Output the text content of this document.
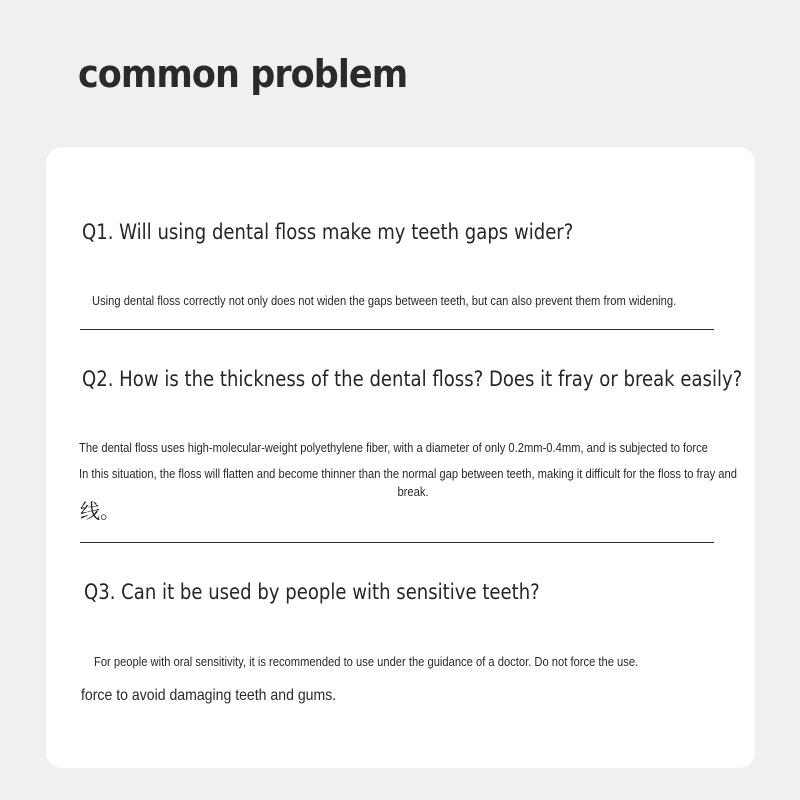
common problem
Q1. Will using dental floss make my teeth gaps wider?

Using dental floss correctly not only does not widen the gaps between teeth, but can also prevent them from widening.

Q2. How is the thickness of the dental floss? Does it fray or break easily?

The dental floss uses high-molecular-weight polyethylene fiber, with a diameter of only 0.2mm-0.4mm, and is subjected to force

In this situation, the floss will flatten and become thinner than the normal gap between teeth, making it difficult for the floss to fray and

break.

线。

Q3. Can it be used by people with sensitive teeth?

For people with oral sensitivity, it is recommended to use under the guidance of a doctor. Do not force the use.

force to avoid damaging teeth and gums.
